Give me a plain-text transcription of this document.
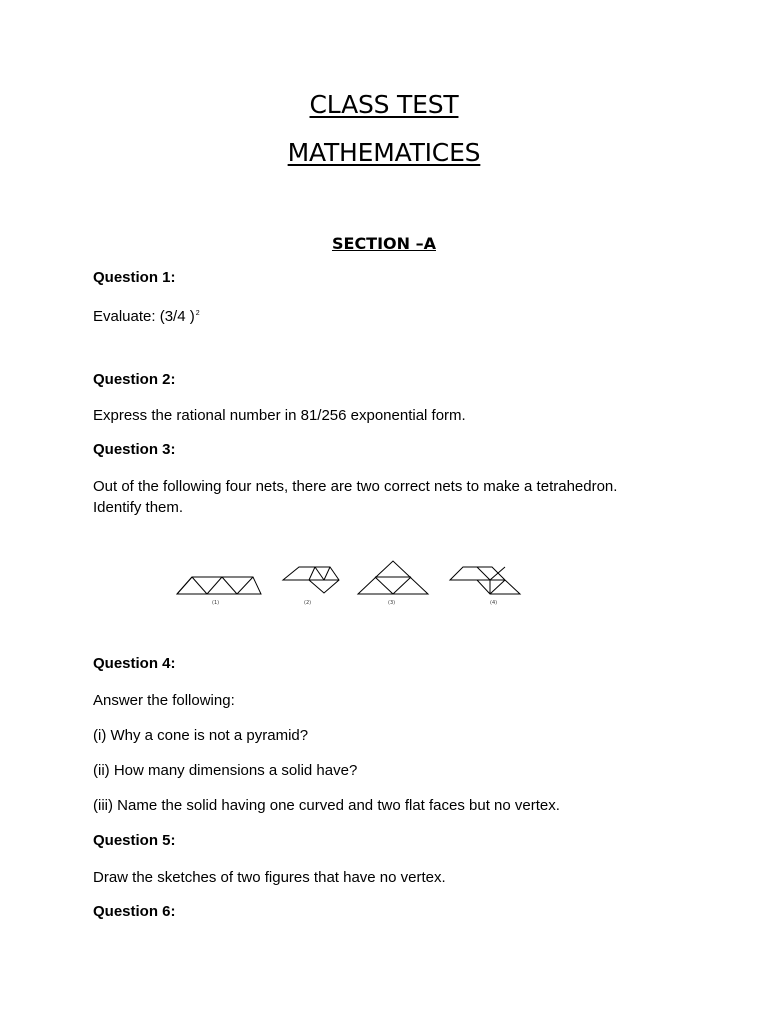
CLASS TEST
MATHEMATICES
SECTION –A
Question 1:
Evaluate: (3/4 )$^2$
Question 2:
Express the rational number in 81/256 exponential form.
Question 3:
Out of the following four nets, there are two correct nets to make a tetrahedron.
Identify them.
(1)	(2)	(3)	(4)
Question 4:
Answer the following:
(i) Why a cone is not a pyramid?
(ii) How many dimensions a solid have?
(iii) Name the solid having one curved and two flat faces but no vertex.
Question 5:
Draw the sketches of two figures that have no vertex.
Question 6:
